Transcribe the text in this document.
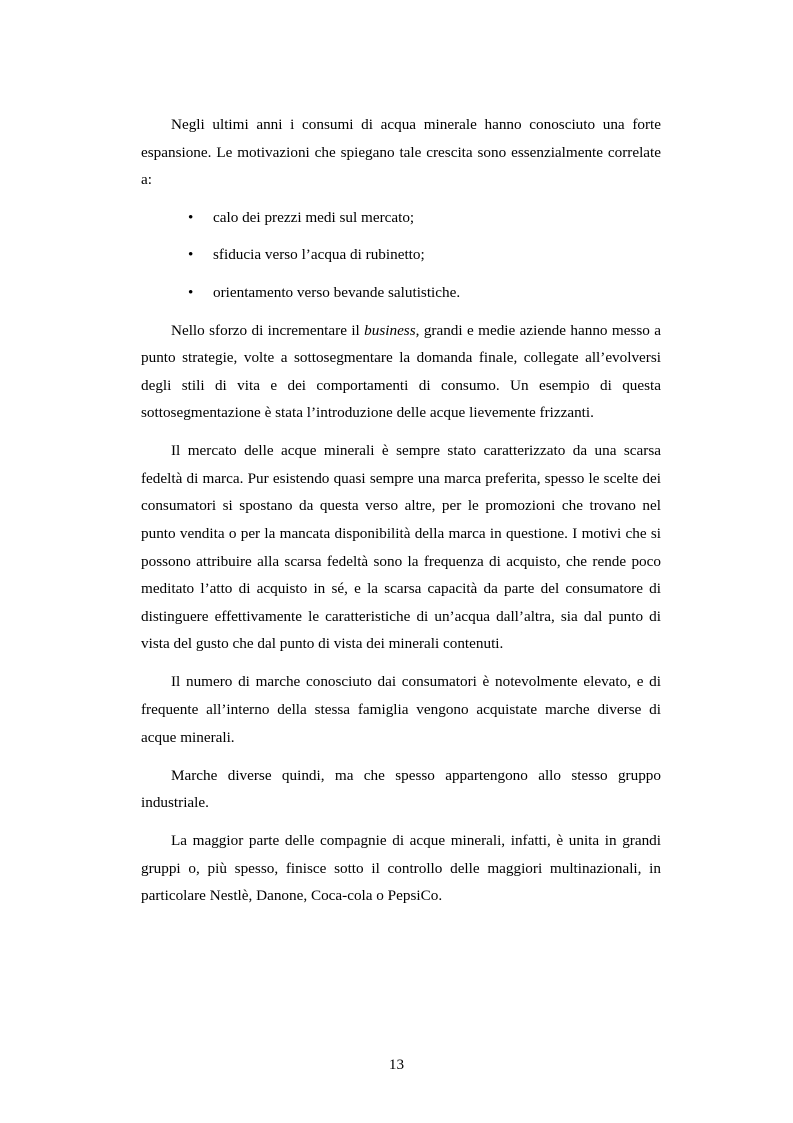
Negli ultimi anni i consumi di acqua minerale hanno conosciuto una forte espansione. Le motivazioni che spiegano tale crescita sono essenzialmente correlate a:

• calo dei prezzi medi sul mercato;
• sfiducia verso l’acqua di rubinetto;
• orientamento verso bevande salutistiche.

Nello sforzo di incrementare il business, grandi e medie aziende hanno messo a punto strategie, volte a sottosegmentare la domanda finale, collegate all’evolversi degli stili di vita e dei comportamenti di consumo. Un esempio di questa sottosegmentazione è stata l’introduzione delle acque lievemente frizzanti.

Il mercato delle acque minerali è sempre stato caratterizzato da una scarsa fedeltà di marca. Pur esistendo quasi sempre una marca preferita, spesso le scelte dei consumatori si spostano da questa verso altre, per le promozioni che trovano nel punto vendita o per la mancata disponibilità della marca in questione. I motivi che si possono attribuire alla scarsa fedeltà sono la frequenza di acquisto, che rende poco meditato l’atto di acquisto in sé, e la scarsa capacità da parte del consumatore di distinguere effettivamente le caratteristiche di un’acqua dall’altra, sia dal punto di vista del gusto che dal punto di vista dei minerali contenuti.

Il numero di marche conosciuto dai consumatori è notevolmente elevato, e di frequente all’interno della stessa famiglia vengono acquistate marche diverse di acque minerali.

Marche diverse quindi, ma che spesso appartengono allo stesso gruppo industriale.

La maggior parte delle compagnie di acque minerali, infatti, è unita in grandi gruppi o, più spesso, finisce sotto il controllo delle maggiori multinazionali, in particolare Nestlè, Danone, Coca-cola o PepsiCo.

13
